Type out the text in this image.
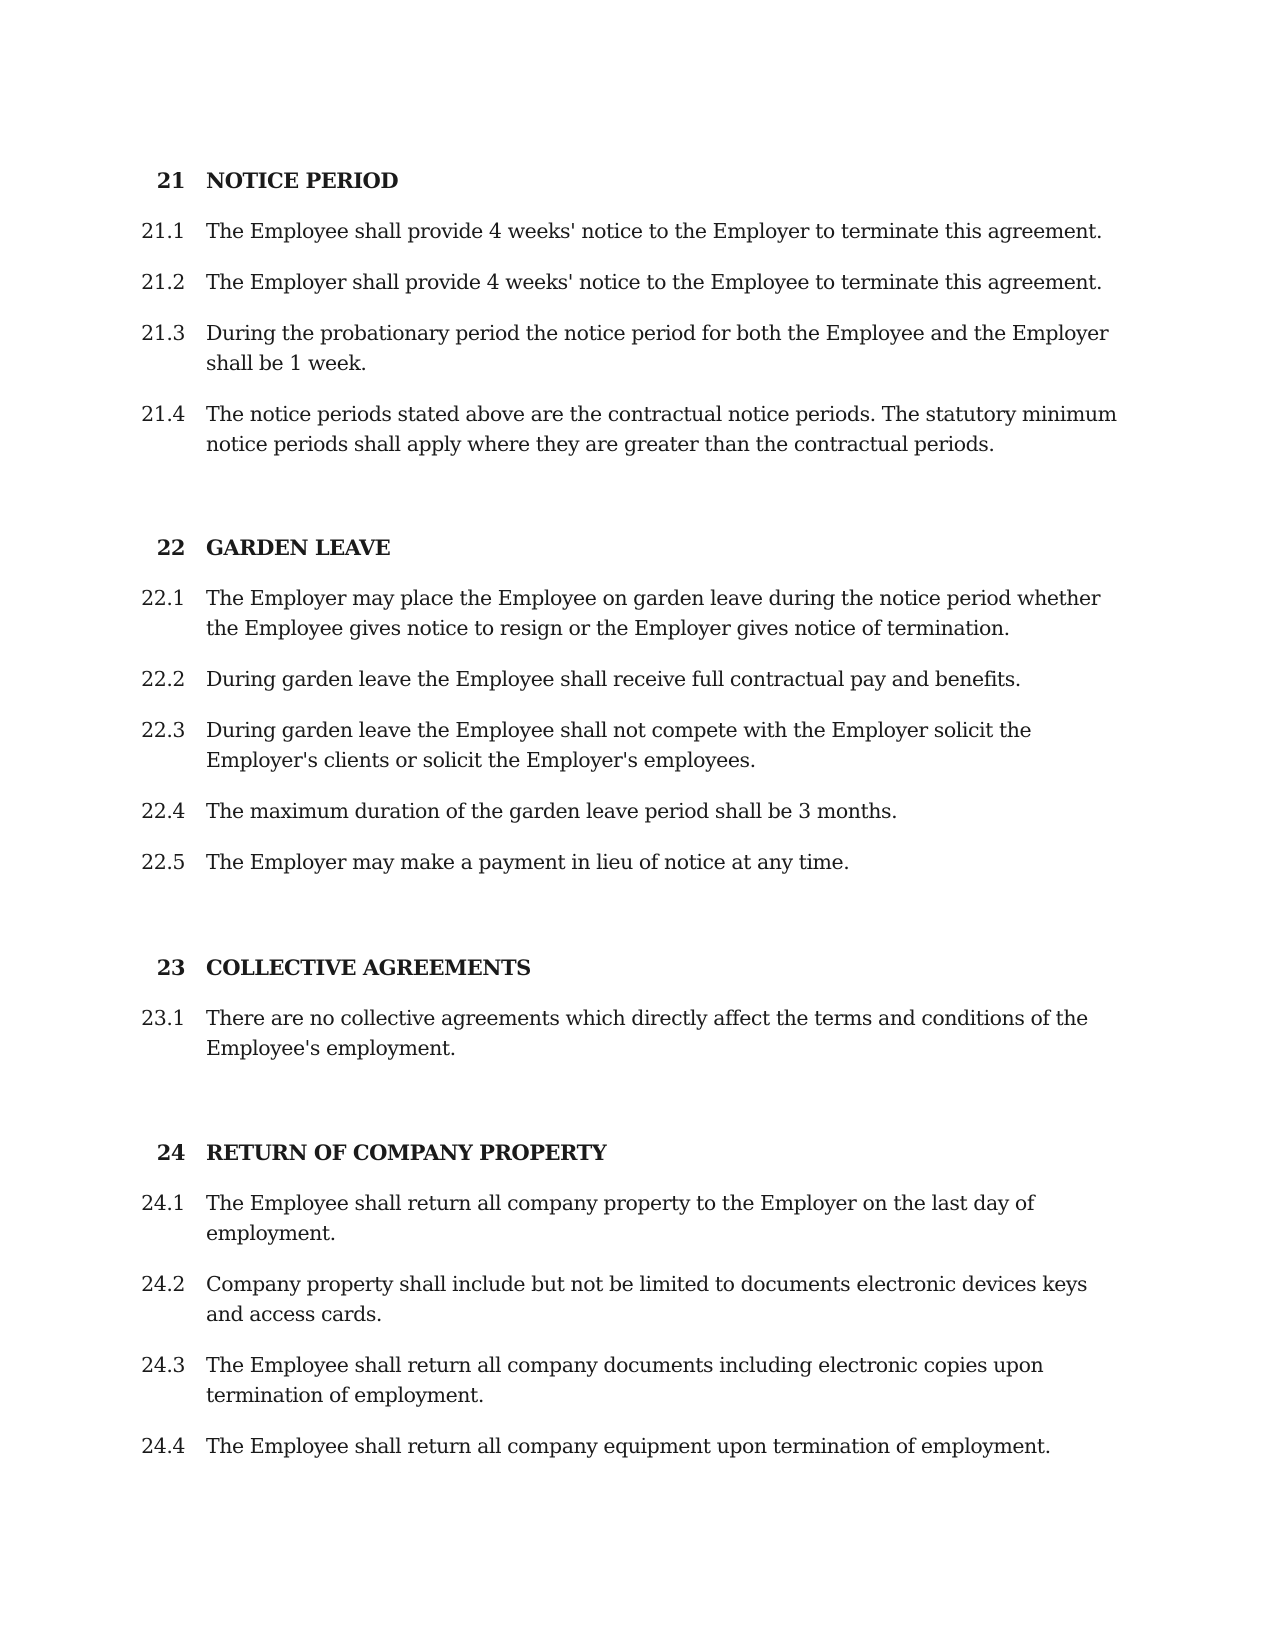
21 NOTICE PERIOD
21.1 The Employee shall provide 4 weeks' notice to the Employer to terminate this agreement.
21.2 The Employer shall provide 4 weeks' notice to the Employee to terminate this agreement.
21.3 During the probationary period the notice period for both the Employee and the Employer shall be 1 week.
21.4 The notice periods stated above are the contractual notice periods. The statutory minimum notice periods shall apply where they are greater than the contractual periods.
22 GARDEN LEAVE
22.1 The Employer may place the Employee on garden leave during the notice period whether the Employee gives notice to resign or the Employer gives notice of termination.
22.2 During garden leave the Employee shall receive full contractual pay and benefits.
22.3 During garden leave the Employee shall not compete with the Employer solicit the Employer's clients or solicit the Employer's employees.
22.4 The maximum duration of the garden leave period shall be 3 months.
22.5 The Employer may make a payment in lieu of notice at any time.
23 COLLECTIVE AGREEMENTS
23.1 There are no collective agreements which directly affect the terms and conditions of the Employee's employment.
24 RETURN OF COMPANY PROPERTY
24.1 The Employee shall return all company property to the Employer on the last day of employment.
24.2 Company property shall include but not be limited to documents electronic devices keys and access cards.
24.3 The Employee shall return all company documents including electronic copies upon termination of employment.
24.4 The Employee shall return all company equipment upon termination of employment.
